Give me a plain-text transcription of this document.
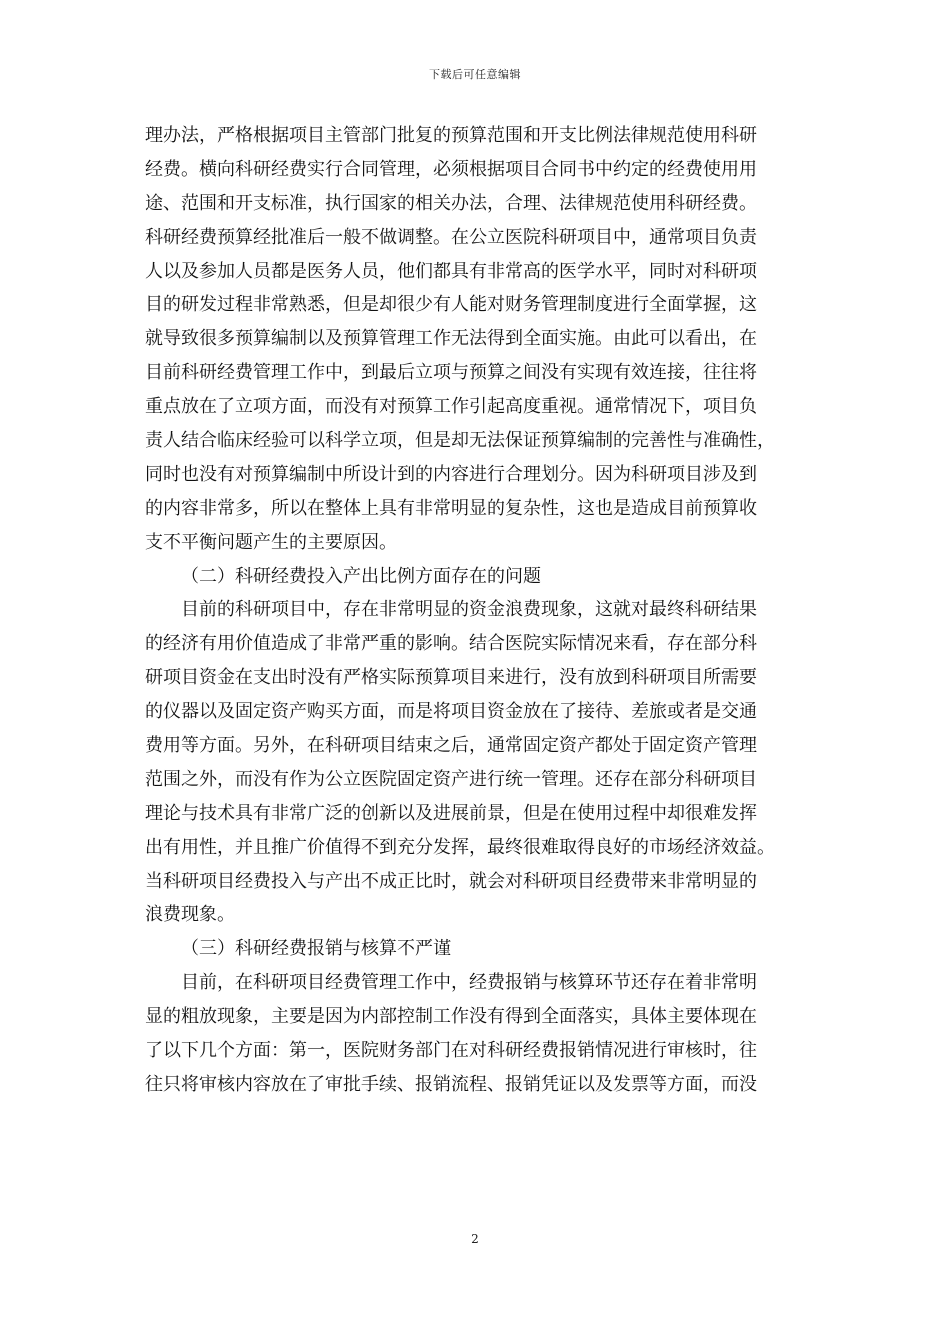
下载后可任意编辑
理办法，严格根据项目主管部门批复的预算范围和开支比例法律规范使用科研
经费。横向科研经费实行合同管理，必须根据项目合同书中约定的经费使用用
途、范围和开支标准，执行国家的相关办法，合理、法律规范使用科研经费。
科研经费预算经批准后一般不做调整。在公立医院科研项目中，通常项目负责
人以及参加人员都是医务人员，他们都具有非常高的医学水平，同时对科研项
目的研发过程非常熟悉，但是却很少有人能对财务管理制度进行全面掌握，这
就导致很多预算编制以及预算管理工作无法得到全面实施。由此可以看出，在
目前科研经费管理工作中，到最后立项与预算之间没有实现有效连接，往往将
重点放在了立项方面，而没有对预算工作引起高度重视。通常情况下，项目负
责人结合临床经验可以科学立项，但是却无法保证预算编制的完善性与准确性，
同时也没有对预算编制中所设计到的内容进行合理划分。因为科研项目涉及到
的内容非常多，所以在整体上具有非常明显的复杂性，这也是造成目前预算收
支不平衡问题产生的主要原因。
（二）科研经费投入产出比例方面存在的问题
目前的科研项目中，存在非常明显的资金浪费现象，这就对最终科研结果
的经济有用价值造成了非常严重的影响。结合医院实际情况来看，存在部分科
研项目资金在支出时没有严格实际预算项目来进行，没有放到科研项目所需要
的仪器以及固定资产购买方面，而是将项目资金放在了接待、差旅或者是交通
费用等方面。另外，在科研项目结束之后，通常固定资产都处于固定资产管理
范围之外，而没有作为公立医院固定资产进行统一管理。还存在部分科研项目
理论与技术具有非常广泛的创新以及进展前景，但是在使用过程中却很难发挥
出有用性，并且推广价值得不到充分发挥，最终很难取得良好的市场经济效益。
当科研项目经费投入与产出不成正比时，就会对科研项目经费带来非常明显的
浪费现象。
（三）科研经费报销与核算不严谨
目前，在科研项目经费管理工作中，经费报销与核算环节还存在着非常明
显的粗放现象，主要是因为内部控制工作没有得到全面落实，具体主要体现在
了以下几个方面：第一，医院财务部门在对科研经费报销情况进行审核时，往
往只将审核内容放在了审批手续、报销流程、报销凭证以及发票等方面，而没
2
